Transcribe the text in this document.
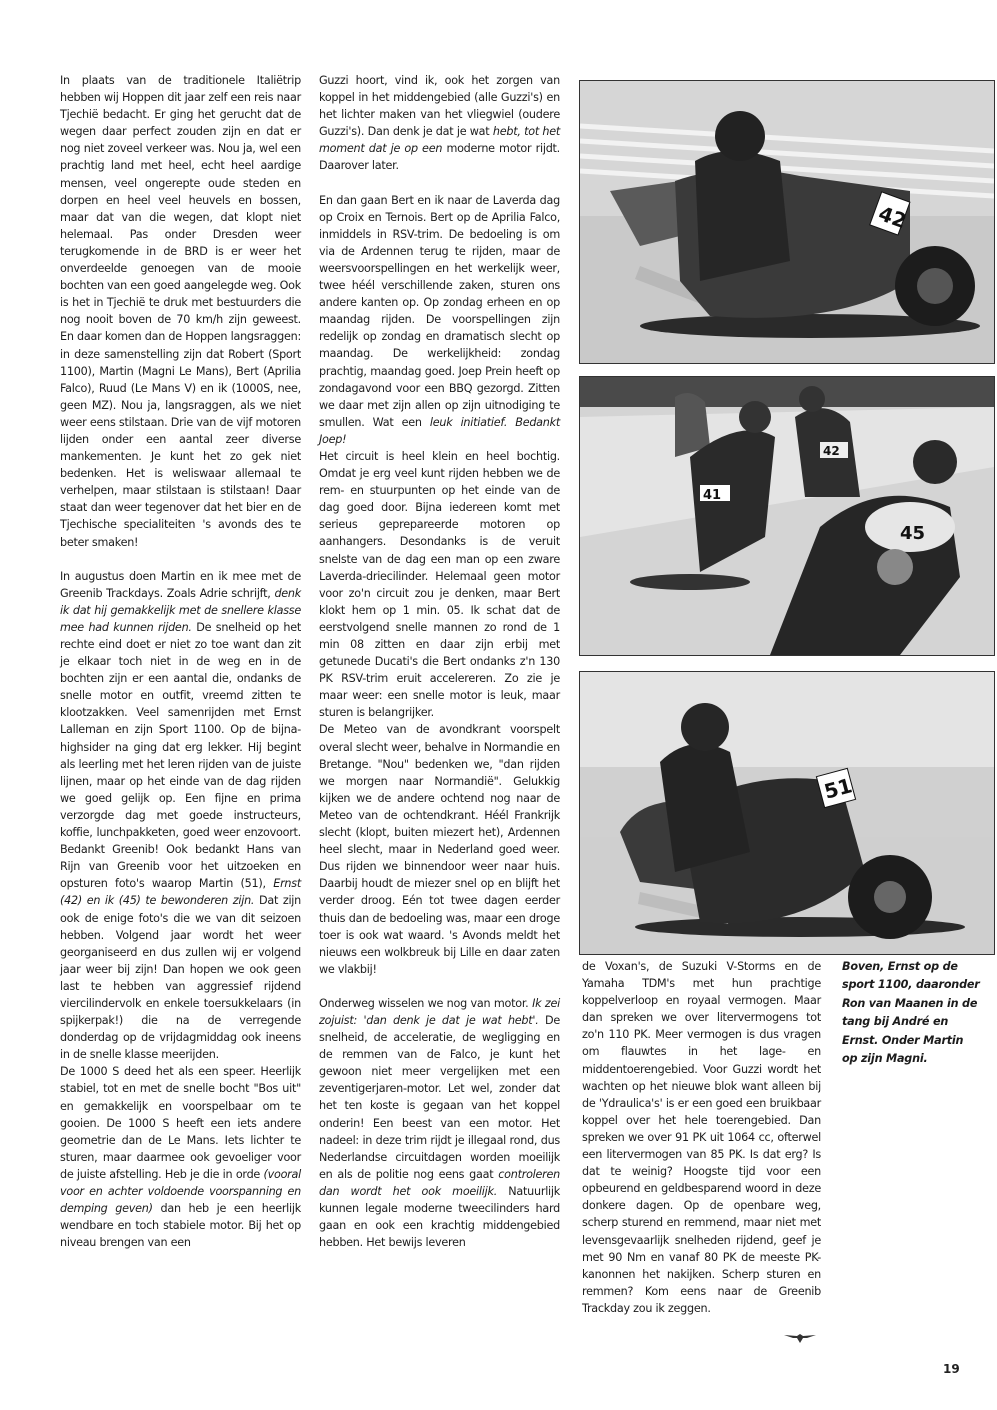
In plaats van de traditionele Italiëtrip hebben wij Hoppen dit jaar zelf een reis naar Tjechië bedacht. Er ging het gerucht dat de wegen daar perfect zouden zijn en dat er nog niet zoveel verkeer was. Nou ja, wel een prachtig land met heel, echt heel aardige mensen, veel ongerepte oude steden en dorpen en heel veel heuvels en bossen, maar dat van die wegen, dat klopt niet helemaal. Pas onder Dresden weer terugkomende in de BRD is er weer het onverdeelde genoegen van de mooie bochten van een goed aangelegde weg. Ook is het in Tjechië te druk met bestuurders die nog nooit boven de 70 km/h zijn geweest. En daar komen dan de Hoppen langsraggen: in deze samenstelling zijn dat Robert (Sport 1100), Martin (Magni Le Mans), Bert (Aprilia Falco), Ruud (Le Mans V) en ik (1000S, nee, geen MZ). Nou ja, langsraggen, als we niet weer eens stilstaan. Drie van de vijf motoren lijden onder een aantal zeer diverse mankementen. Je kunt het zo gek niet bedenken. Het is weliswaar allemaal te verhelpen, maar stilstaan is stilstaan! Daar staat dan weer tegenover dat het bier en de Tjechische specialiteiten 's avonds des te beter smaken!

In augustus doen Martin en ik mee met de Greenib Trackdays. Zoals Adrie schrijft, denk ik dat hij gemakkelijk met de snellere klasse mee had kunnen rijden. De snelheid op het rechte eind doet er niet zo toe want dan zit je elkaar toch niet in de weg en in de bochten zijn er een aantal die, ondanks de snelle motor en outfit, vreemd zitten te klootzakken. Veel samenrijden met Ernst Lalleman en zijn Sport 1100. Op de bijna-highsider na ging dat erg lekker. Hij begint als leerling met het leren rijden van de juiste lijnen, maar op het einde van de dag rijden we goed gelijk op. Een fijne en prima verzorgde dag met goede instructeurs, koffie, lunchpakketen, goed weer enzovoort. Bedankt Greenib! Ook bedankt Hans van Rijn van Greenib voor het uitzoeken en opsturen foto's waarop Martin (51), Ernst (42) en ik (45) te bewonderen zijn. Dat zijn ook de enige foto's die we van dit seizoen hebben. Volgend jaar wordt het weer georganiseerd en dus zullen wij er volgend jaar weer bij zijn! Dan hopen we ook geen last te hebben van aggressief rijdend viercilindervolk en enkele toersukkelaars (in spijkerpak!) die na de verregende donderdag op de vrijdagmiddag ook ineens in de snelle klasse meerijden.

De 1000 S deed het als een speer. Heerlijk stabiel, tot en met de snelle bocht "Bos uit" en gemakkelijk en voorspelbaar om te gooien. De 1000 S heeft een iets andere geometrie dan de Le Mans. Iets lichter te sturen, maar daarmee ook gevoeliger voor de juiste afstelling. Heb je die in orde (vooral voor en achter voldoende voorspanning en demping geven) dan heb je een heerlijk wendbare en toch stabiele motor. Bij het op niveau brengen van een

Guzzi hoort, vind ik, ook het zorgen van koppel in het middengebied (alle Guzzi's) en het lichter maken van het vliegwiel (oudere Guzzi's). Dan denk je dat je wat hebt, tot het moment dat je op een moderne motor rijdt. Daarover later.

En dan gaan Bert en ik naar de Laverda dag op Croix en Ternois. Bert op de Aprilia Falco, inmiddels in RSV-trim. De bedoeling is om via de Ardennen terug te rijden, maar de weersvoorspellingen en het werkelijk weer, twee héél verschillende zaken, sturen ons andere kanten op. Op zondag erheen en op maandag rijden. De voorspellingen zijn redelijk op zondag en dramatisch slecht op maandag. De werkelijkheid: zondag prachtig, maandag goed. Joep Prein heeft op zondagavond voor een BBQ gezorgd. Zitten we daar met zijn allen op zijn uitnodiging te smullen. Wat een leuk initiatief. Bedankt Joep!

Het circuit is heel klein en heel bochtig. Omdat je erg veel kunt rijden hebben we de rem- en stuurpunten op het einde van de dag goed door. Bijna iedereen komt met serieus geprepareerde motoren op aanhangers. Desondanks is de veruit snelste van de dag een man op een zware Laverda-driecilinder. Helemaal geen motor voor zo'n circuit zou je denken, maar Bert klokt hem op 1 min. 05. Ik schat dat de eerstvolgend snelle mannen zo rond de 1 min 08 zitten en daar zijn erbij met getunede Ducati's die Bert ondanks z'n 130 PK RSV-trim eruit accelereren. Zo zie je maar weer: een snelle motor is leuk, maar sturen is belangrijker.

De Meteo van de avondkrant voorspelt overal slecht weer, behalve in Normandie en Bretange. "Nou" bedenken we, "dan rijden we morgen naar Normandië". Gelukkig kijken we de andere ochtend nog naar de Meteo van de ochtendkrant. Héél Frankrijk slecht (klopt, buiten miezert het), Ardennen heel slecht, maar in Nederland goed weer. Dus rijden we binnendoor weer naar huis. Daarbij houdt de miezer snel op en blijft het verder droog. Eén tot twee dagen eerder thuis dan de bedoeling was, maar een droge toer is ook wat waard. 's Avonds meldt het nieuws een wolkbreuk bij Lille en daar zaten we vlakbij!

Onderweg wisselen we nog van motor. Ik zei zojuist: 'dan denk je dat je wat hebt'. De snelheid, de acceleratie, de wegligging en de remmen van de Falco, je kunt het gewoon niet meer vergelijken met een zeventigerjaren-motor. Let wel, zonder dat het ten koste is gegaan van het koppel onderin! Een beest van een motor. Het nadeel: in deze trim rijdt je illegaal rond, dus Nederlandse circuitdagen worden moeilijk en als de politie nog eens gaat controleren dan wordt het ook moeilijk. Natuurlijk kunnen legale moderne tweecilinders hard gaan en ook een krachtig middengebied hebben. Het bewijs leveren

42
41
42
45
51

de Voxan's, de Suzuki V-Storms en de Yamaha TDM's met hun prachtige koppelverloop en royaal vermogen. Maar dan spreken we over litervermogens tot zo'n 110 PK. Meer vermogen is dus vragen om flauwtes in het lage- en middentoerengebied. Voor Guzzi wordt het wachten op het nieuwe blok want alleen bij de 'Ydraulica's' is er een goed een bruikbaar koppel over het hele toerengebied. Dan spreken we over 91 PK uit 1064 cc, ofterwel een litervermogen van 85 PK. Is dat erg? Is dat te weinig? Hoogste tijd voor een opbeurend en geldbesparend woord in deze donkere dagen. Op de openbare weg, scherp sturend en remmend, maar niet met levensgevaarlijk snelheden rijdend, geef je met 90 Nm en vanaf 80 PK de meeste PK-kanonnen het nakijken. Scherp sturen en remmen? Kom eens naar de Greenib Trackday zou ik zeggen.

Boven, Ernst op de sport 1100, daaronder Ron van Maanen in de tang bij André en Ernst. Onder Martin op zijn Magni.
19
